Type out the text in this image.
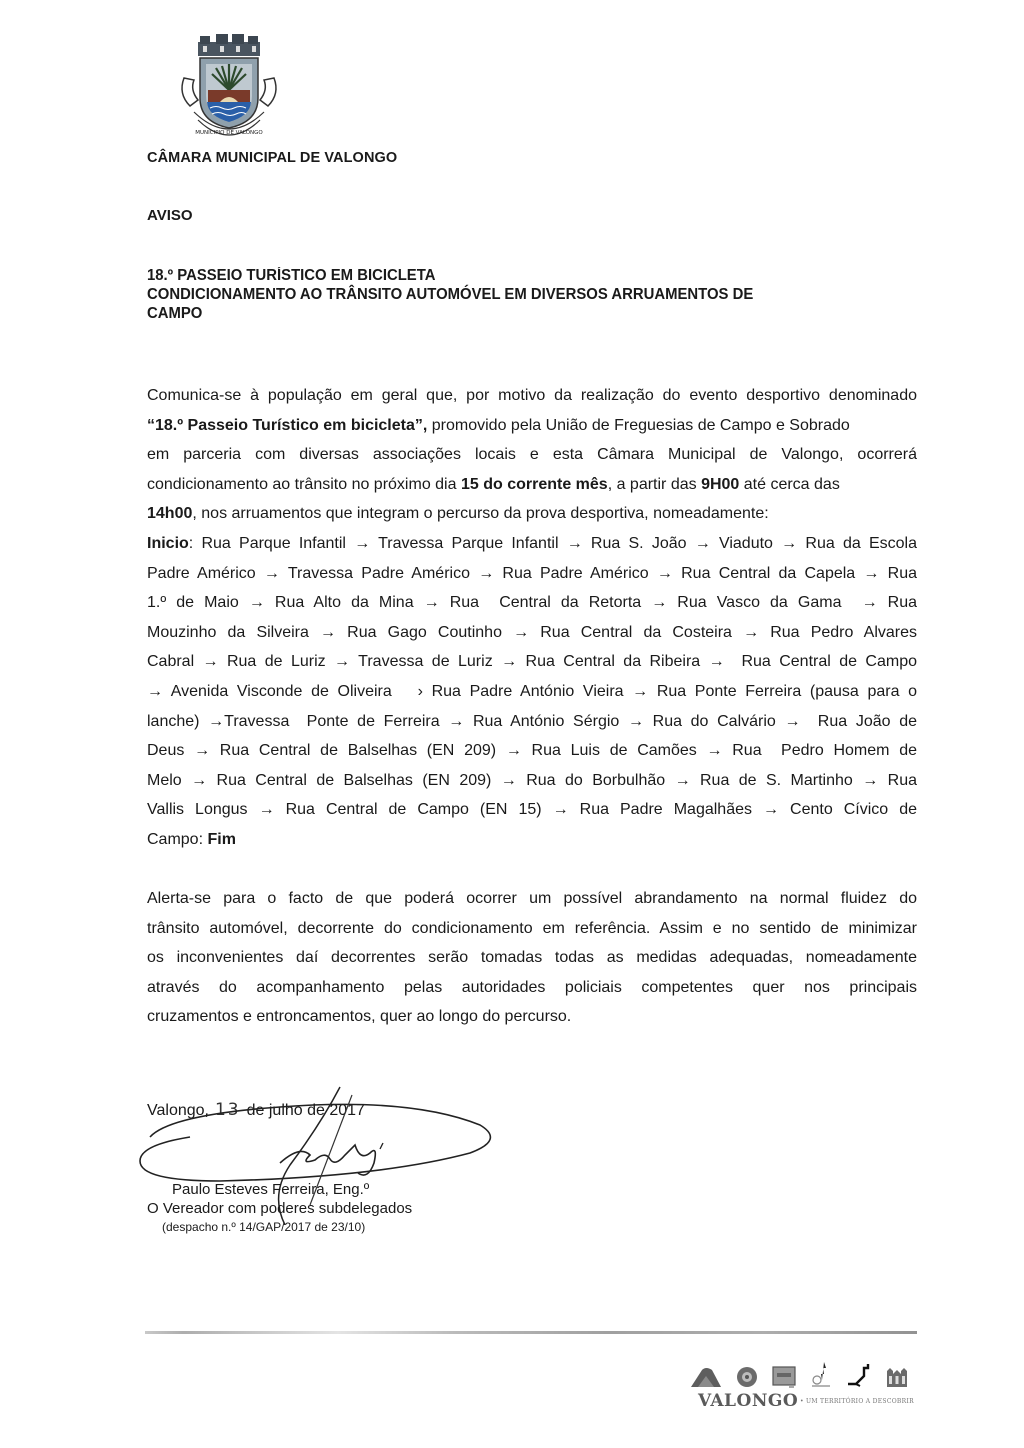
MUNICIPIO DE VALONGO
CÂMARA MUNICIPAL DE VALONGO
AVISO
18.º PASSEIO TURÍSTICO EM BICICLETA
CONDICIONAMENTO AO TRÂNSITO AUTOMÓVEL EM DIVERSOS ARRUAMENTOS DE
CAMPO
Comunica-se à população em geral que, por motivo da realização do evento desportivo denominado
“18.º Passeio Turístico em bicicleta”, promovido pela União de Freguesias de Campo e Sobrado
em parceria com diversas associações locais e esta Câmara Municipal de Valongo, ocorrerá
condicionamento ao trânsito no próximo dia 15 do corrente mês, a partir das 9H00 até cerca das
14h00, nos arruamentos que integram o percurso da prova desportiva, nomeadamente:
Inicio: Rua Parque Infantil → Travessa Parque Infantil → Rua S. João → Viaduto → Rua da Escola
Padre Américo → Travessa Padre Américo → Rua Padre Américo → Rua Central da Capela → Rua
1.º de Maio → Rua Alto da Mina → Rua  Central da Retorta → Rua Vasco da Gama  → Rua
Mouzinho da Silveira → Rua Gago Coutinho → Rua Central da Costeira → Rua Pedro Alvares
Cabral → Rua de Luriz → Travessa de Luriz → Rua Central da Ribeira →  Rua Central de Campo
→ Avenida Visconde de Oliveira   › Rua Padre António Vieira → Rua Ponte Ferreira (pausa para o
lanche) →Travessa  Ponte de Ferreira → Rua António Sérgio → Rua do Calvário →  Rua João de
Deus → Rua Central de Balselhas (EN 209) → Rua Luis de Camões → Rua  Pedro Homem de
Melo → Rua Central de Balselhas (EN 209) → Rua do Borbulhão → Rua de S. Martinho → Rua
Vallis Longus → Rua Central de Campo (EN 15) → Rua Padre Magalhães → Cento Cívico de
Campo: Fim
Alerta-se para o facto de que poderá ocorrer um possível abrandamento na normal fluidez do
trânsito automóvel, decorrente do condicionamento em referência. Assim e no sentido de minimizar
os inconvenientes daí decorrentes serão tomadas todas as medidas adequadas, nomeadamente
através do acompanhamento pelas autoridades policiais competentes quer nos principais
cruzamentos e entroncamentos, quer ao longo do percurso.
Valongo, 13 de julho de 2017
Paulo Esteves Ferreira, Eng.º
O Vereador com poderes subdelegados
(despacho n.º 14/GAP/2017 de 23/10)
VALONGO	• UM TERRITÓRIO A DESCOBRIR
